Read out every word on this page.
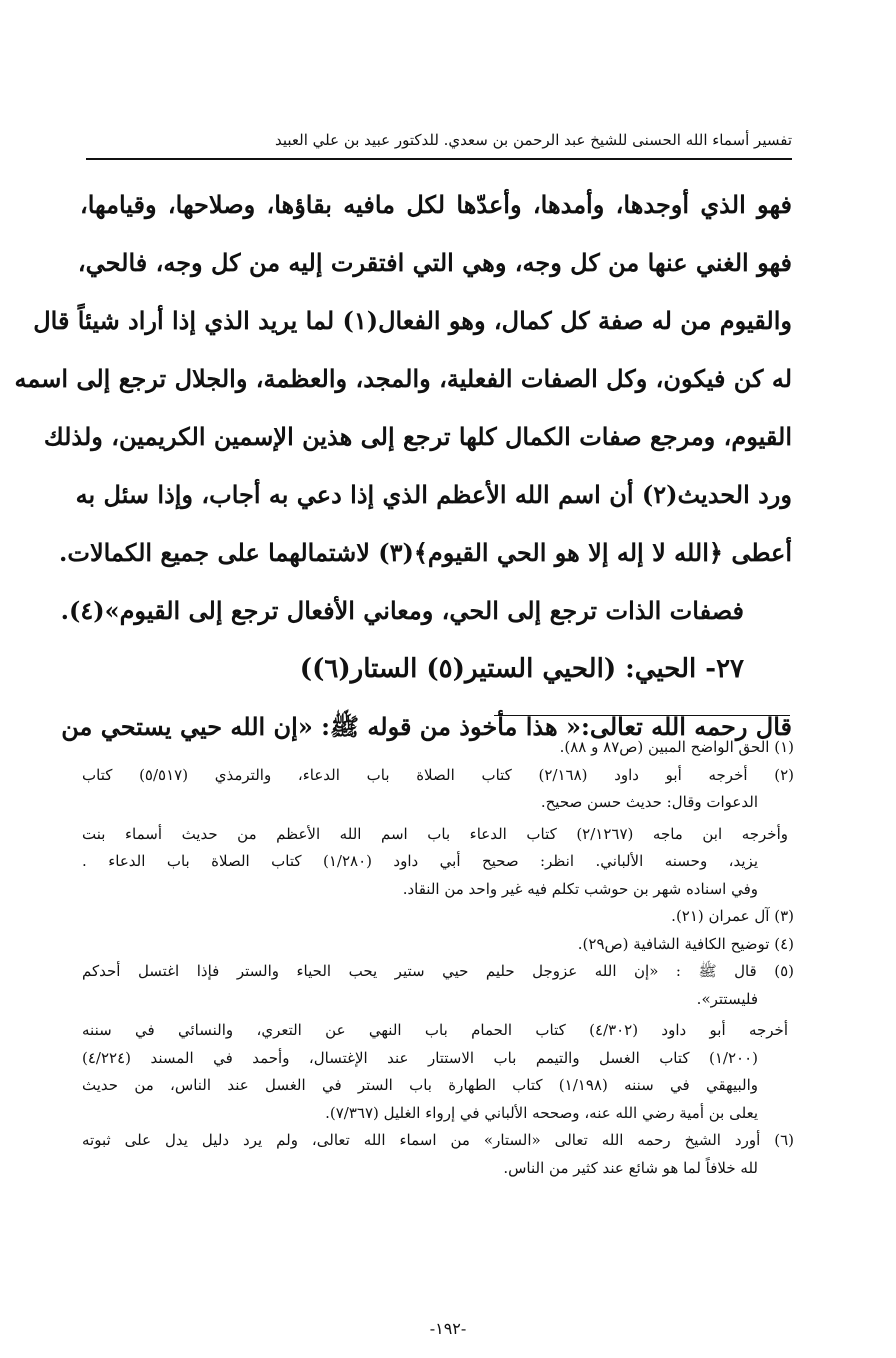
تفسير أسماء الله الحسنى للشيخ عبد الرحمن بن سعدي. للدكتور عبيد بن علي العبيد
فهو الذي أوجدها، وأمدها، وأعدّها لكل مافيه بقاؤها، وصلاحها، وقيامها،
فهو الغني عنها من كل وجه، وهي التي افتقرت إليه من كل وجه، فالحي،
والقيوم من له صفة كل كمال، وهو الفعال(١) لما يريد الذي إذا أراد شيئاً قال
له كن فيكون، وكل الصفات الفعلية، والمجد، والعظمة، والجلال ترجع إلى اسمه
القيوم، ومرجع صفات الكمال كلها ترجع إلى هذين الإسمين الكريمين، ولذلك
ورد الحديث(٢) أن اسم الله الأعظم الذي إذا دعي به أجاب، وإذا سئل به
أعطى ﴿الله لا إله إلا هو الحي القيوم﴾(٣) لاشتمالهما على جميع الكمالات.
فصفات الذات ترجع إلى الحي، ومعاني الأفعال ترجع إلى القيوم»(٤).
٢٧- الحيي: (الحيي الستير(٥) الستار(٦))
قال رحمه الله تعالى:« هذا مأخوذ من قوله ﷺ: «إن الله حيي يستحي من
(١) الحق الواضح المبين (ص٨٧ و ٨٨).
(٢) أخرجه أبو داود (٢/١٦٨) كتاب الصلاة باب الدعاء، والترمذي (٥/٥١٧) كتاب
الدعوات وقال: حديث حسن صحيح.
وأخرجه ابن ماجه (٢/١٢٦٧) كتاب الدعاء باب اسم الله الأعظم من حديث أسماء بنت
يزيد، وحسنه الألباني. انظر: صحيح أبي داود (١/٢٨٠) كتاب الصلاة باب الدعاء .
وفي اسناده شهر بن حوشب تكلم فيه غير واحد من النقاد.
(٣) آل عمران (٢١).
(٤) توضيح الكافية الشافية (ص٢٩).
(٥) قال ﷺ : «إن الله عزوجل حليم حيي ستير يحب الحياء والستر فإذا اغتسل أحدكم
فليستتر».
أخرجه أبو داود (٤/٣٠٢) كتاب الحمام باب النهي عن التعري، والنسائي في سننه
(١/٢٠٠) كتاب الغسل والتيمم باب الاستتار عند الإغتسال، وأحمد في المسند (٤/٢٢٤)
والبيهقي في سننه (١/١٩٨) كتاب الطهارة باب الستر في الغسل عند الناس، من حديث
يعلى بن أمية رضي الله عنه، وصححه الألباني في إرواء الغليل (٧/٣٦٧).
(٦) أورد الشيخ رحمه الله تعالى «الستار» من اسماء الله تعالى، ولم يرد دليل يدل على ثبوته
لله خلافاً لما هو شائع عند كثير من الناس.
-١٩٢-
